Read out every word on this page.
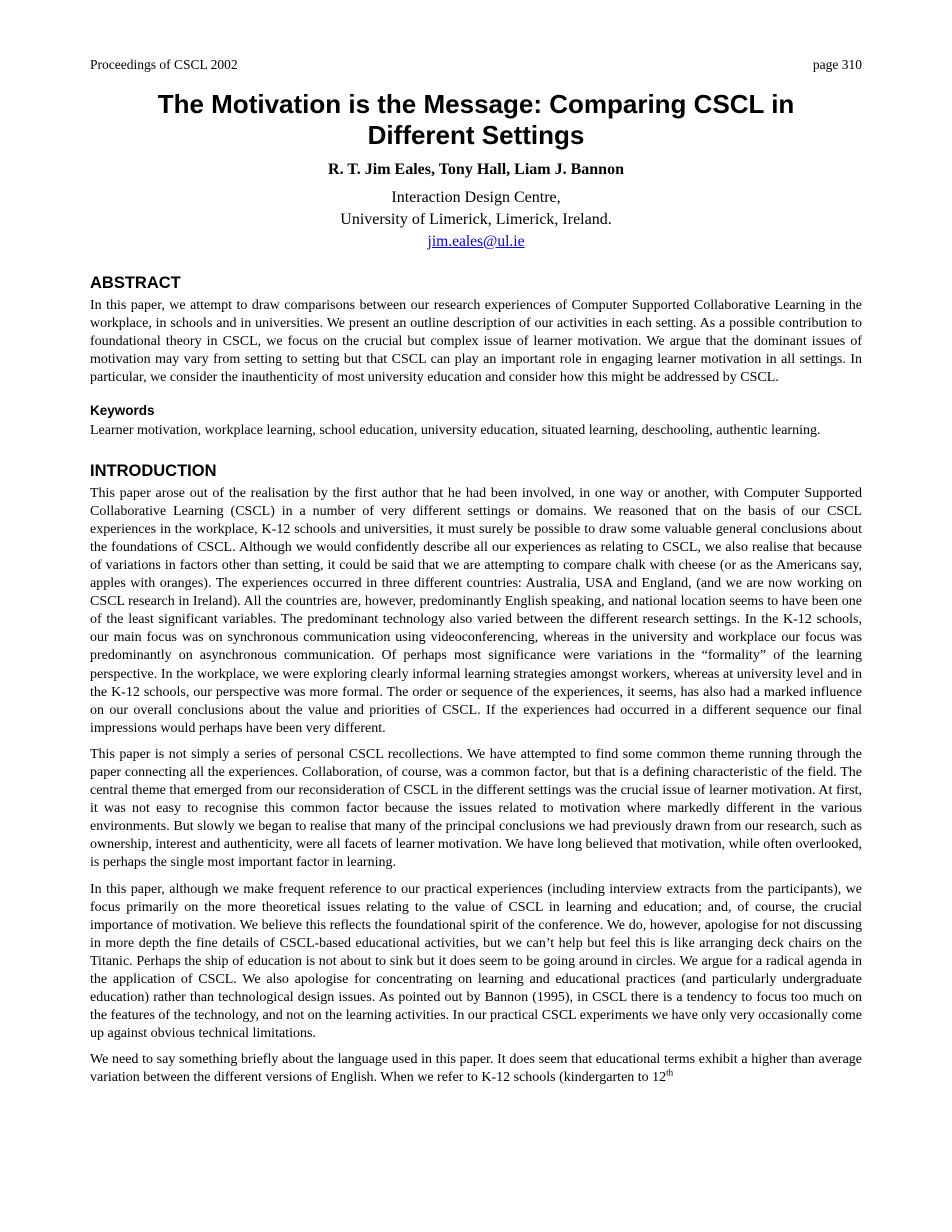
Proceedings of CSCL 2002	page 310
The Motivation is the Message: Comparing CSCL in Different Settings
R. T. Jim Eales, Tony Hall, Liam J. Bannon
Interaction Design Centre,
University of Limerick, Limerick, Ireland.
jim.eales@ul.ie
ABSTRACT

In this paper, we attempt to draw comparisons between our research experiences of Computer Supported Collaborative Learning in the workplace, in schools and in universities. We present an outline description of our activities in each setting. As a possible contribution to foundational theory in CSCL, we focus on the crucial but complex issue of learner motivation. We argue that the dominant issues of motivation may vary from setting to setting but that CSCL can play an important role in engaging learner motivation in all settings. In particular, we consider the inauthenticity of most university education and consider how this might be addressed by CSCL.

Keywords

Learner motivation, workplace learning, school education, university education, situated learning, deschooling, authentic learning.

INTRODUCTION

This paper arose out of the realisation by the first author that he had been involved, in one way or another, with Computer Supported Collaborative Learning (CSCL) in a number of very different settings or domains. We reasoned that on the basis of our CSCL experiences in the workplace, K-12 schools and universities, it must surely be possible to draw some valuable general conclusions about the foundations of CSCL. Although we would confidently describe all our experiences as relating to CSCL, we also realise that because of variations in factors other than setting, it could be said that we are attempting to compare chalk with cheese (or as the Americans say, apples with oranges). The experiences occurred in three different countries: Australia, USA and England, (and we are now working on CSCL research in Ireland). All the countries are, however, predominantly English speaking, and national location seems to have been one of the least significant variables. The predominant technology also varied between the different research settings. In the K-12 schools, our main focus was on synchronous communication using videoconferencing, whereas in the university and workplace our focus was predominantly on asynchronous communication. Of perhaps most significance were variations in the “formality” of the learning perspective. In the workplace, we were exploring clearly informal learning strategies amongst workers, whereas at university level and in the K-12 schools, our perspective was more formal. The order or sequence of the experiences, it seems, has also had a marked influence on our overall conclusions about the value and priorities of CSCL. If the experiences had occurred in a different sequence our final impressions would perhaps have been very different.

This paper is not simply a series of personal CSCL recollections. We have attempted to find some common theme running through the paper connecting all the experiences. Collaboration, of course, was a common factor, but that is a defining characteristic of the field. The central theme that emerged from our reconsideration of CSCL in the different settings was the crucial issue of learner motivation. At first, it was not easy to recognise this common factor because the issues related to motivation where markedly different in the various environments. But slowly we began to realise that many of the principal conclusions we had previously drawn from our research, such as ownership, interest and authenticity, were all facets of learner motivation. We have long believed that motivation, while often overlooked, is perhaps the single most important factor in learning.

In this paper, although we make frequent reference to our practical experiences (including interview extracts from the participants), we focus primarily on the more theoretical issues relating to the value of CSCL in learning and education; and, of course, the crucial importance of motivation. We believe this reflects the foundational spirit of the conference. We do, however, apologise for not discussing in more depth the fine details of CSCL-based educational activities, but we can’t help but feel this is like arranging deck chairs on the Titanic. Perhaps the ship of education is not about to sink but it does seem to be going around in circles. We argue for a radical agenda in the application of CSCL. We also apologise for concentrating on learning and educational practices (and particularly undergraduate education) rather than technological design issues. As pointed out by Bannon (1995), in CSCL there is a tendency to focus too much on the features of the technology, and not on the learning activities. In our practical CSCL experiments we have only very occasionally come up against obvious technical limitations.

We need to say something briefly about the language used in this paper. It does seem that educational terms exhibit a higher than average variation between the different versions of English. When we refer to K-12 schools (kindergarten to 12th
